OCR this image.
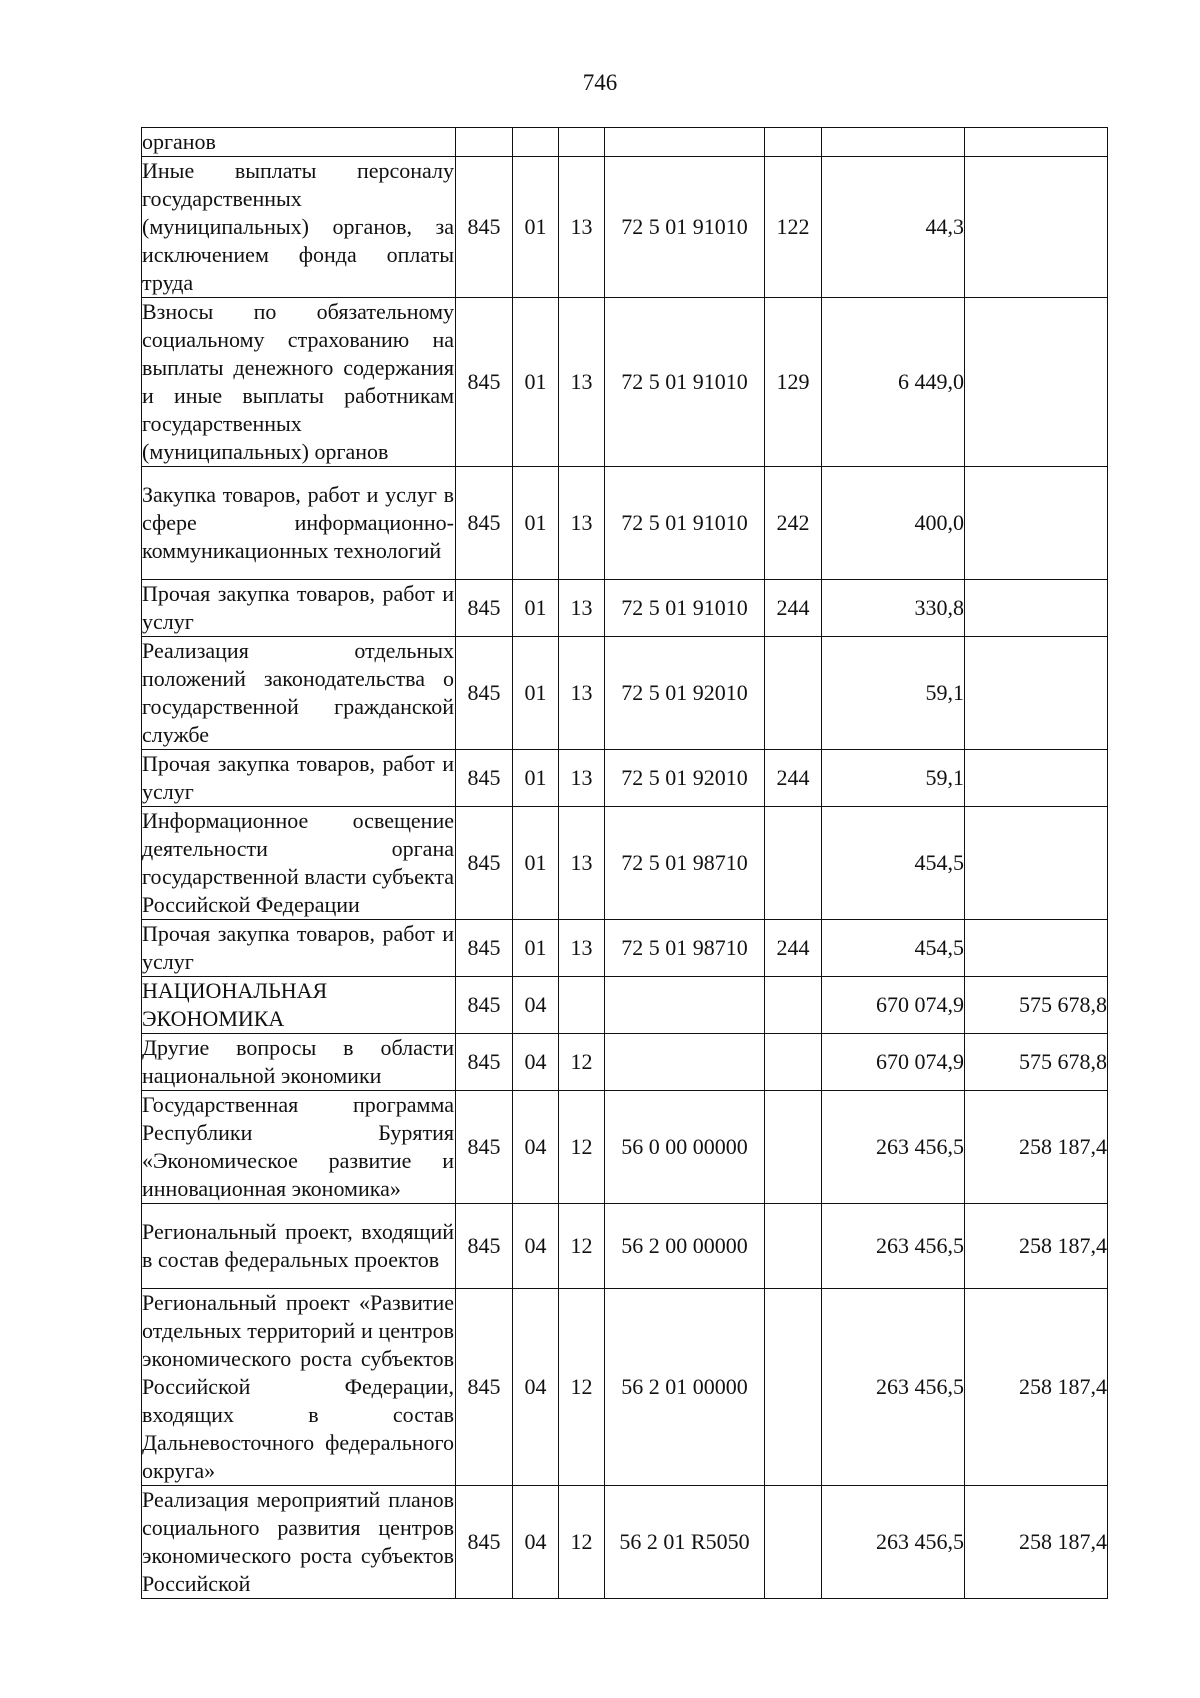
746
органов							
Иные выплаты персоналу государственных (муниципальных) органов, за исключением фонда оплаты труда	845	01	13	72 5 01 91010	122	44,3	
Взносы по обязательному социальному страхованию на выплаты денежного содержания и иные выплаты работникам государственных (муниципальных) органов	845	01	13	72 5 01 91010	129	6 449,0	
Закупка товаров, работ и услуг в сфере информационно-коммуникационных технологий	845	01	13	72 5 01 91010	242	400,0	
Прочая закупка товаров, работ и услуг	845	01	13	72 5 01 91010	244	330,8	
Реализация отдельных положений законодательства о государственной гражданской службе	845	01	13	72 5 01 92010		59,1	
Прочая закупка товаров, работ и услуг	845	01	13	72 5 01 92010	244	59,1	
Информационное освещение деятельности органа государственной власти субъекта Российской Федерации	845	01	13	72 5 01 98710		454,5	
Прочая закупка товаров, работ и услуг	845	01	13	72 5 01 98710	244	454,5	
НАЦИОНАЛЬНАЯ ЭКОНОМИКА	845	04				670 074,9	575 678,8
Другие вопросы в области национальной экономики	845	04	12			670 074,9	575 678,8
Государственная программа Республики Бурятия «Экономическое развитие и инновационная экономика»	845	04	12	56 0 00 00000		263 456,5	258 187,4
Региональный проект, входящий в состав федеральных проектов	845	04	12	56 2 00 00000		263 456,5	258 187,4
Региональный проект «Развитие отдельных территорий и центров экономического роста субъектов Российской Федерации, входящих в состав Дальневосточного федерального округа»	845	04	12	56 2 01 00000		263 456,5	258 187,4
Реализация мероприятий планов социального развития центров экономического роста субъектов Российской	845	04	12	56 2 01 R5050		263 456,5	258 187,4
